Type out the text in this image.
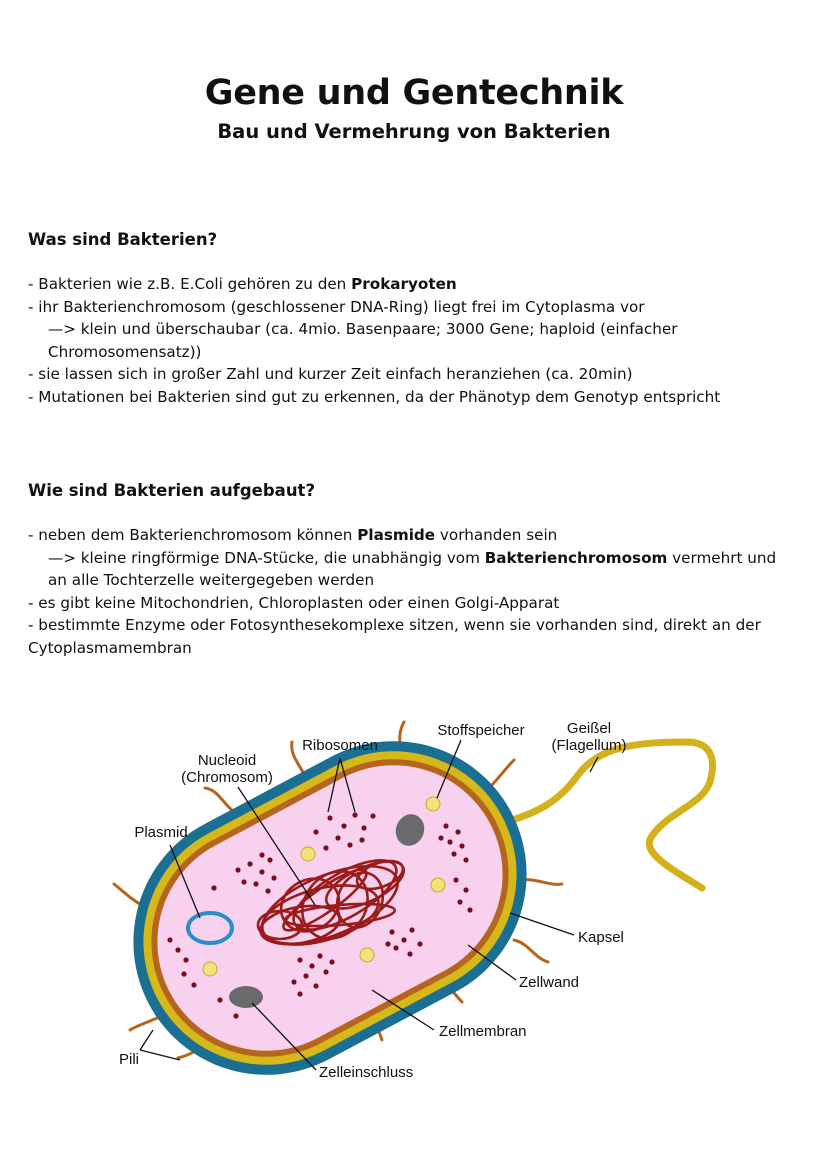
Gene und Gentechnik
Bau und Vermehrung von Bakterien
Was sind Bakterien?

- Bakterien wie z.B. E.Coli gehören zu den Prokaryoten

- ihr Bakterienchromosom (geschlossener DNA-Ring) liegt frei im Cytoplasma vor

—> klein und überschaubar (ca. 4mio. Basenpaare; 3000 Gene; haploid (einfacher

Chromosomensatz))

- sie lassen sich in großer Zahl und kurzer Zeit einfach heranziehen (ca. 20min)

- Mutationen bei Bakterien sind gut zu erkennen, da der Phänotyp dem Genotyp entspricht

Wie sind Bakterien aufgebaut?

- neben dem Bakterienchromosom können Plasmide vorhanden sein

—> kleine ringförmige DNA-Stücke, die unabhängig vom Bakterienchromosom vermehrt und

an alle Tochterzelle weitergegeben werden

- es gibt keine Mitochondrien, Chloroplasten oder einen Golgi-Apparat

- bestimmte Enzyme oder Fotosynthesekomplexe sitzen, wenn sie vorhanden sind, direkt an der

Cytoplasmamembran

Nucleoid
(Chromosom)
Ribosomen
Stoffspeicher	Geißel
(Flagellum)
Plasmid
Kapsel
Zellwand
Zellmembran
Pili
Zelleinschluss
